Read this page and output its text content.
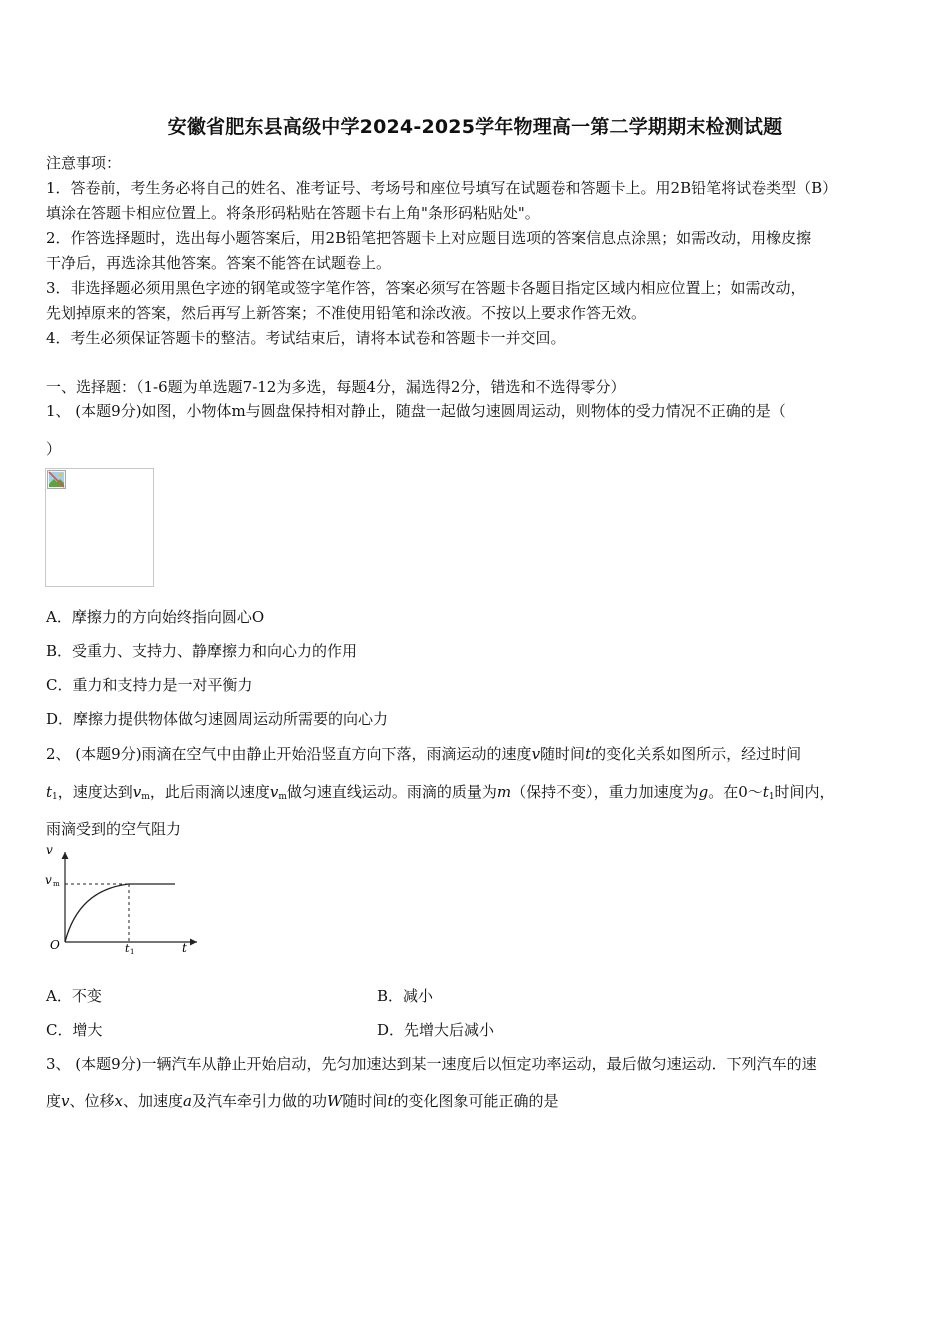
安徽省肥东县高级中学2024-2025学年物理高一第二学期期末检测试题
注意事项：
1．答卷前，考生务必将自己的姓名、准考证号、考场号和座位号填写在试题卷和答题卡上。用2B铅笔将试卷类型（B）
填涂在答题卡相应位置上。将条形码粘贴在答题卡右上角"条形码粘贴处"。
2．作答选择题时，选出每小题答案后，用2B铅笔把答题卡上对应题目选项的答案信息点涂黑；如需改动，用橡皮擦
干净后，再选涂其他答案。答案不能答在试题卷上。
3．非选择题必须用黑色字迹的钢笔或签字笔作答，答案必须写在答题卡各题目指定区域内相应位置上；如需改动，
先划掉原来的答案，然后再写上新答案；不准使用铅笔和涂改液。不按以上要求作答无效。
4．考生必须保证答题卡的整洁。考试结束后，请将本试卷和答题卡一并交回。
一、选择题：（1-6题为单选题7-12为多选，每题4分，漏选得2分，错选和不选得零分）
1、 (本题9分)如图，小物体m与圆盘保持相对静止，随盘一起做匀速圆周运动，则物体的受力情况不正确的是（
）
A．摩擦力的方向始终指向圆心O
B．受重力、支持力、静摩擦力和向心力的作用
C．重力和支持力是一对平衡力
D．摩擦力提供物体做匀速圆周运动所需要的向心力
2、 (本题9分)雨滴在空气中由静止开始沿竖直方向下落，雨滴运动的速度v随时间t的变化关系如图所示，经过时间
$t_1$，速度达到$v_m$，此后雨滴以速度$v_m$做匀速直线运动。雨滴的质量为m（保持不变），重力加速度为g。在$0\sim t_1$时间内，
雨滴受到的空气阻力
v
v m
O	t 1	t
A．不变	B．减小
C．增大	D．先增大后减小
3、 (本题9分)一辆汽车从静止开始启动，先匀加速达到某一速度后以恒定功率运动，最后做匀速运动．下列汽车的速
度v、位移x、加速度a及汽车牵引力做的功W随时间t的变化图象可能正确的是
